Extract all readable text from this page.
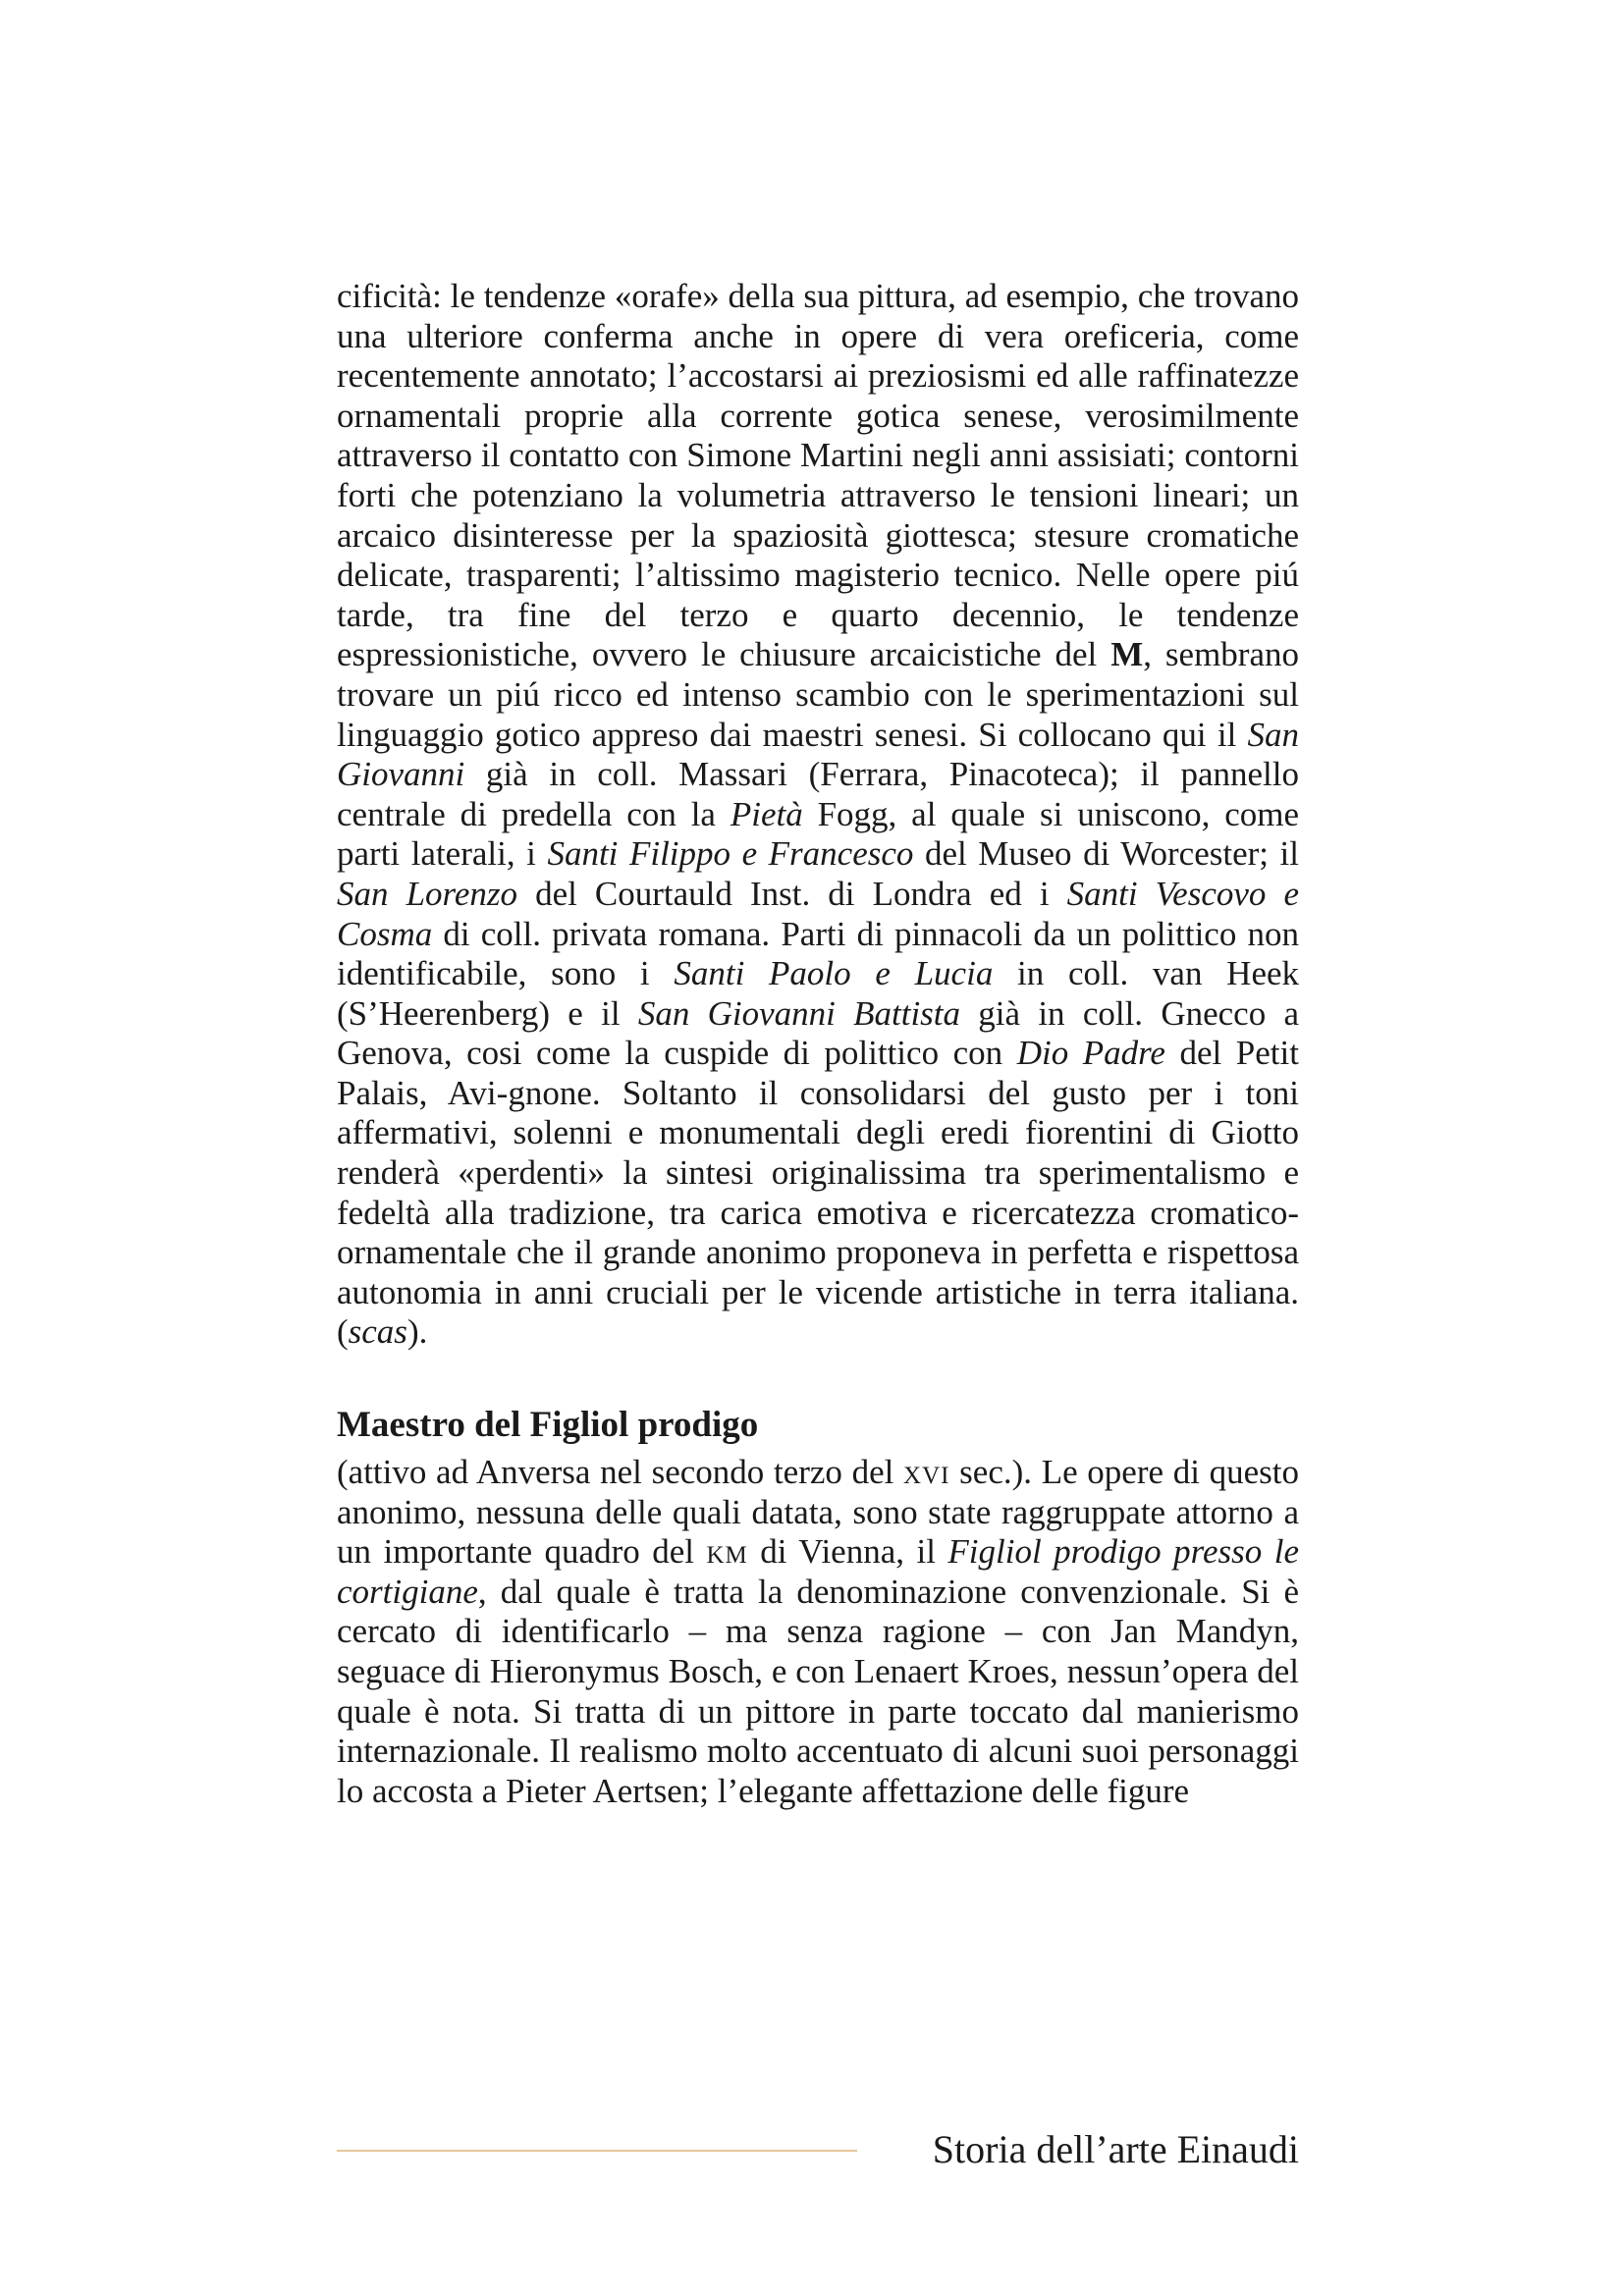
cificità: le tendenze «orafe» della sua pittura, ad esempio, che trovano una ulteriore conferma anche in opere di vera oreficeria, come recentemente annotato; l’accostarsi ai preziosismi ed alle raffinatezze ornamentali proprie alla corrente gotica senese, verosimilmente attraverso il contatto con Simone Martini negli anni assisiati; contorni forti che potenziano la volumetria attraverso le tensioni lineari; un arcaico disinteresse per la spaziosità giottesca; stesure cromatiche delicate, trasparenti; l’altissimo magisterio tecnico. Nelle opere piú tarde, tra fine del terzo e quarto decennio, le tendenze espressionistiche, ovvero le chiusure arcaicistiche del M, sembrano trovare un piú ricco ed intenso scambio con le sperimentazioni sul linguaggio gotico appreso dai maestri senesi. Si collocano qui il San Giovanni già in coll. Massari (Ferrara, Pinacoteca); il pannello centrale di predella con la Pietà Fogg, al quale si uniscono, come parti laterali, i Santi Filippo e Francesco del Museo di Worcester; il San Lorenzo del Courtauld Inst. di Londra ed i Santi Vescovo e Cosma di coll. privata romana. Parti di pinnacoli da un polittico non identificabile, sono i Santi Paolo e Lucia in coll. van Heek (S’Heerenberg) e il San Giovanni Battista già in coll. Gnecco a Genova, cosi come la cuspide di polittico con Dio Padre del Petit Palais, Avi-gnone. Soltanto il consolidarsi del gusto per i toni affermativi, solenni e monumentali degli eredi fiorentini di Giotto renderà «perdenti» la sintesi originalissima tra sperimentalismo e fedeltà alla tradizione, tra carica emotiva e ricercatezza cromatico-ornamentale che il grande anonimo proponeva in perfetta e rispettosa autonomia in anni cruciali per le vicende artistiche in terra italiana. (scas).

Maestro del Figliol prodigo

(attivo ad Anversa nel secondo terzo del xvi sec.). Le opere di questo anonimo, nessuna delle quali datata, sono state raggruppate attorno a un importante quadro del km di Vienna, il Figliol prodigo presso le cortigiane, dal quale è tratta la denominazione convenzionale. Si è cercato di identificarlo – ma senza ragione – con Jan Mandyn, seguace di Hieronymus Bosch, e con Lenaert Kroes, nessun’opera del quale è nota. Si tratta di un pittore in parte toccato dal manierismo internazionale. Il realismo molto accentuato di alcuni suoi personaggi lo accosta a Pieter Aertsen; l’elegante affettazione delle figure

Storia dell’arte Einaudi
